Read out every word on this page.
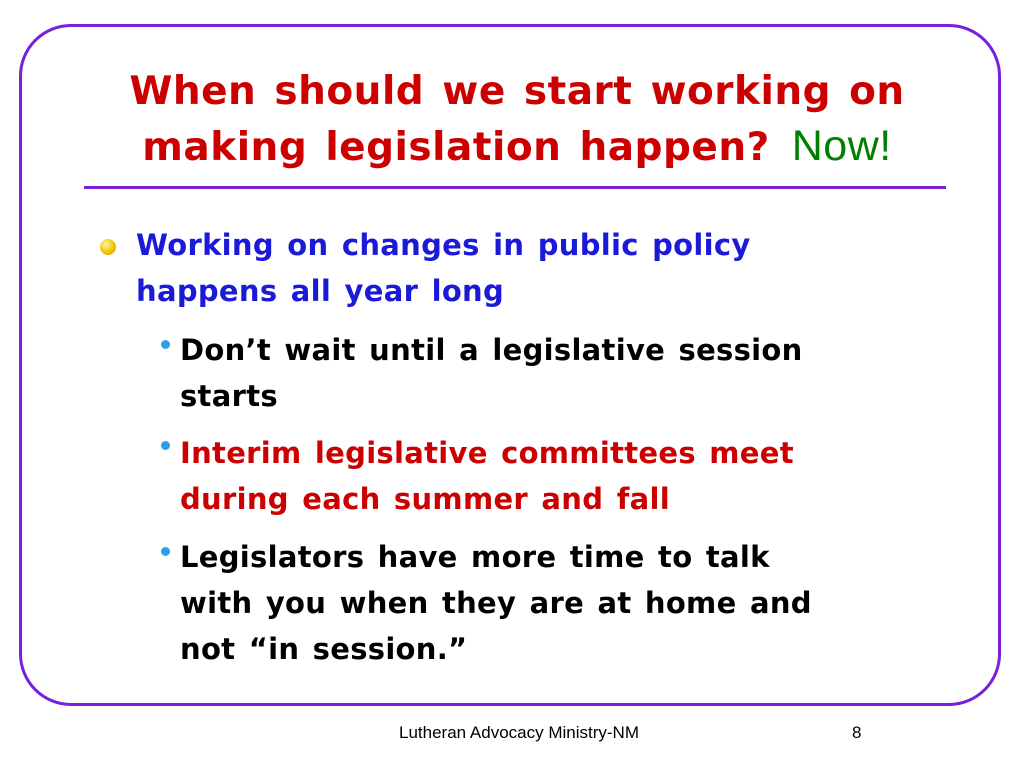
When should we start working on
making legislation happen? Now!

Working on changes in public policy
happens all year long

Don’t wait until a legislative session
starts

Interim legislative committees meet
during each summer and fall

Legislators have more time to talk
with you when they are at home and
not “in session.”

Lutheran Advocacy Ministry-NM	8
